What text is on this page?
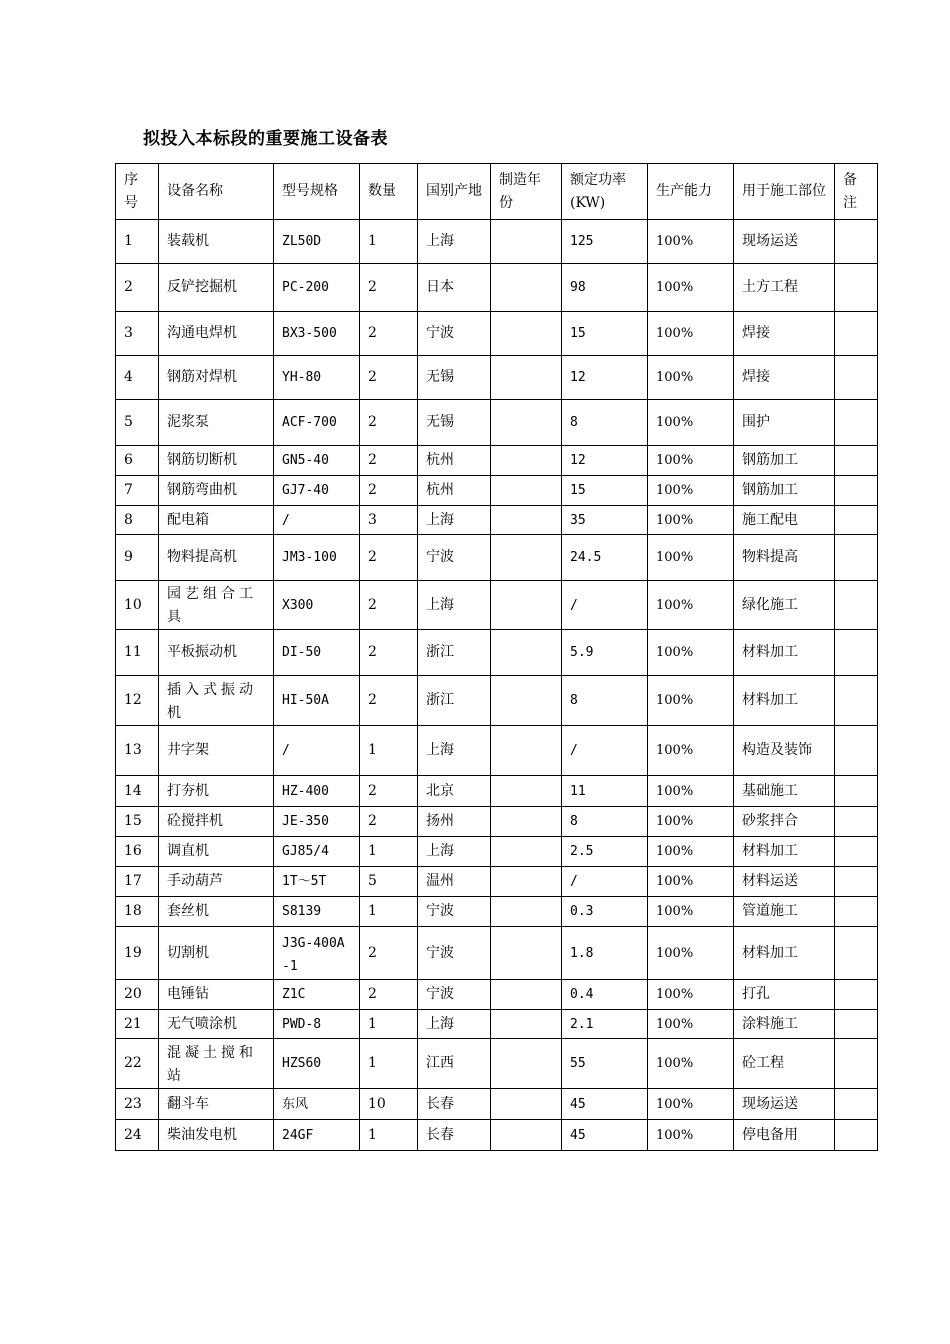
拟投入本标段的重要施工设备表
序号	设备名称	型号规格	数量	国别产地	制造年份	额定功率(KW)	生产能力	用于施工部位	备注
1	装载机	ZL50D	1	上海		125	100%	现场运送	
2	反铲挖掘机	PC-200	2	日本		98	100%	土方工程	
3	沟通电焊机	BX3-500	2	宁波		15	100%	焊接	
4	钢筋对焊机	YH-80	2	无锡		12	100%	焊接	
5	泥浆泵	ACF-700	2	无锡		8	100%	围护	
6	钢筋切断机	GN5-40	2	杭州		12	100%	钢筋加工	
7	钢筋弯曲机	GJ7-40	2	杭州		15	100%	钢筋加工	
8	配电箱	/	3	上海		35	100%	施工配电	
9	物料提高机	JM3-100	2	宁波		24.5	100%	物料提高	
10	园艺组合工具	X300	2	上海		/	100%	绿化施工	
11	平板振动机	DI-50	2	浙江		5.9	100%	材料加工	
12	插入式振动机	HI-50A	2	浙江		8	100%	材料加工	
13	井字架	/	1	上海		/	100%	构造及装饰	
14	打夯机	HZ-400	2	北京		11	100%	基础施工	
15	砼搅拌机	JE-350	2	扬州		8	100%	砂浆拌合	
16	调直机	GJ85/4	1	上海		2.5	100%	材料加工	
17	手动葫芦	1T～5T	5	温州		/	100%	材料运送	
18	套丝机	S8139	1	宁波		0.3	100%	管道施工	
19	切割机	J3G-400A-1	2	宁波		1.8	100%	材料加工	
20	电锤钻	Z1C	2	宁波		0.4	100%	打孔	
21	无气喷涂机	PWD-8	1	上海		2.1	100%	涂料施工	
22	混凝土搅和站	HZS60	1	江西		55	100%	砼工程	
23	翻斗车	东风	10	长春		45	100%	现场运送	
24	柴油发电机	24GF	1	长春		45	100%	停电备用	
